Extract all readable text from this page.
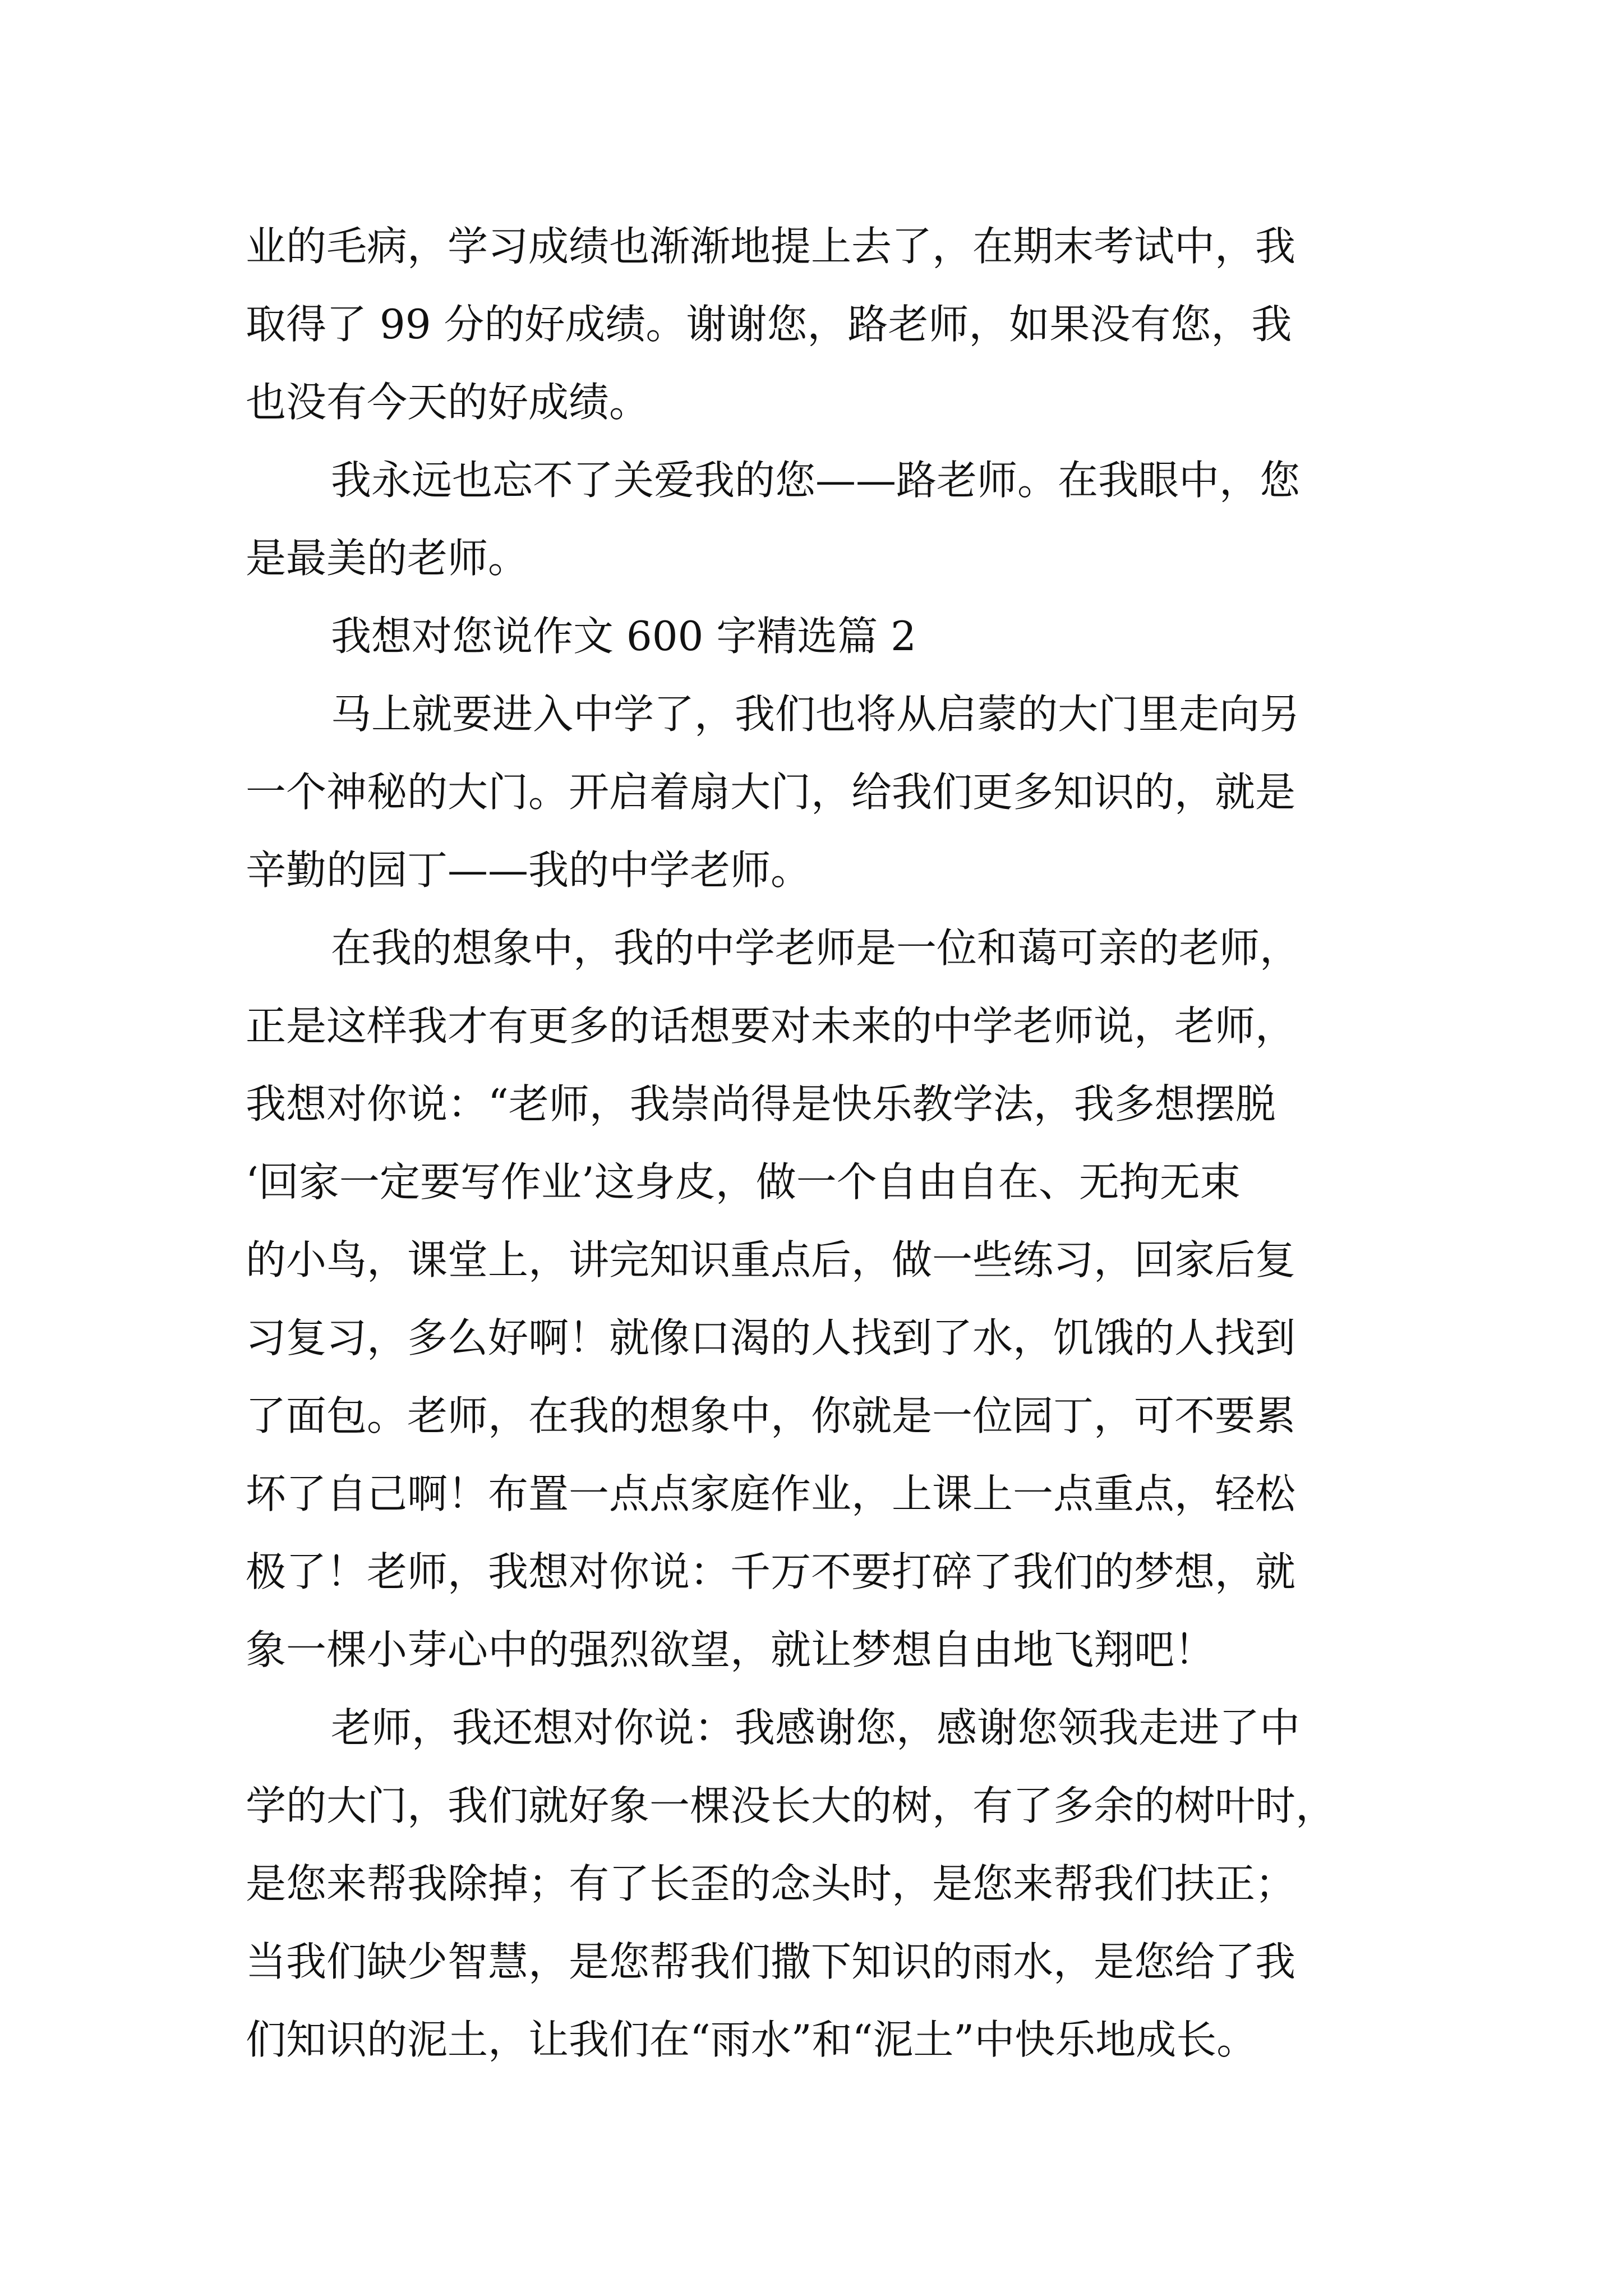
业的毛病，学习成绩也渐渐地提上去了，在期末考试中，我
取得了 99 分的好成绩。谢谢您，路老师，如果没有您，我
也没有今天的好成绩。

我永远也忘不了关爱我的您——路老师。在我眼中，您
是最美的老师。

我想对您说作文 600 字精选篇 2

马上就要进入中学了，我们也将从启蒙的大门里走向另
一个神秘的大门。开启着扇大门，给我们更多知识的，就是
辛勤的园丁——我的中学老师。

在我的想象中，我的中学老师是一位和蔼可亲的老师，
正是这样我才有更多的话想要对未来的中学老师说，老师，
我想对你说：“老师，我崇尚得是快乐教学法，我多想摆脱
‘回家一定要写作业’这身皮，做一个自由自在、无拘无束
的小鸟，课堂上，讲完知识重点后，做一些练习，回家后复
习复习，多么好啊！就像口渴的人找到了水，饥饿的人找到
了面包。老师，在我的想象中，你就是一位园丁，可不要累
坏了自己啊！布置一点点家庭作业，上课上一点重点，轻松
极了！老师，我想对你说：千万不要打碎了我们的梦想，就
象一棵小芽心中的强烈欲望，就让梦想自由地飞翔吧！

老师，我还想对你说：我感谢您，感谢您领我走进了中
学的大门，我们就好象一棵没长大的树，有了多余的树叶时，
是您来帮我除掉；有了长歪的念头时，是您来帮我们扶正；
当我们缺少智慧，是您帮我们撒下知识的雨水，是您给了我
们知识的泥土，让我们在“雨水”和“泥土”中快乐地成长。
